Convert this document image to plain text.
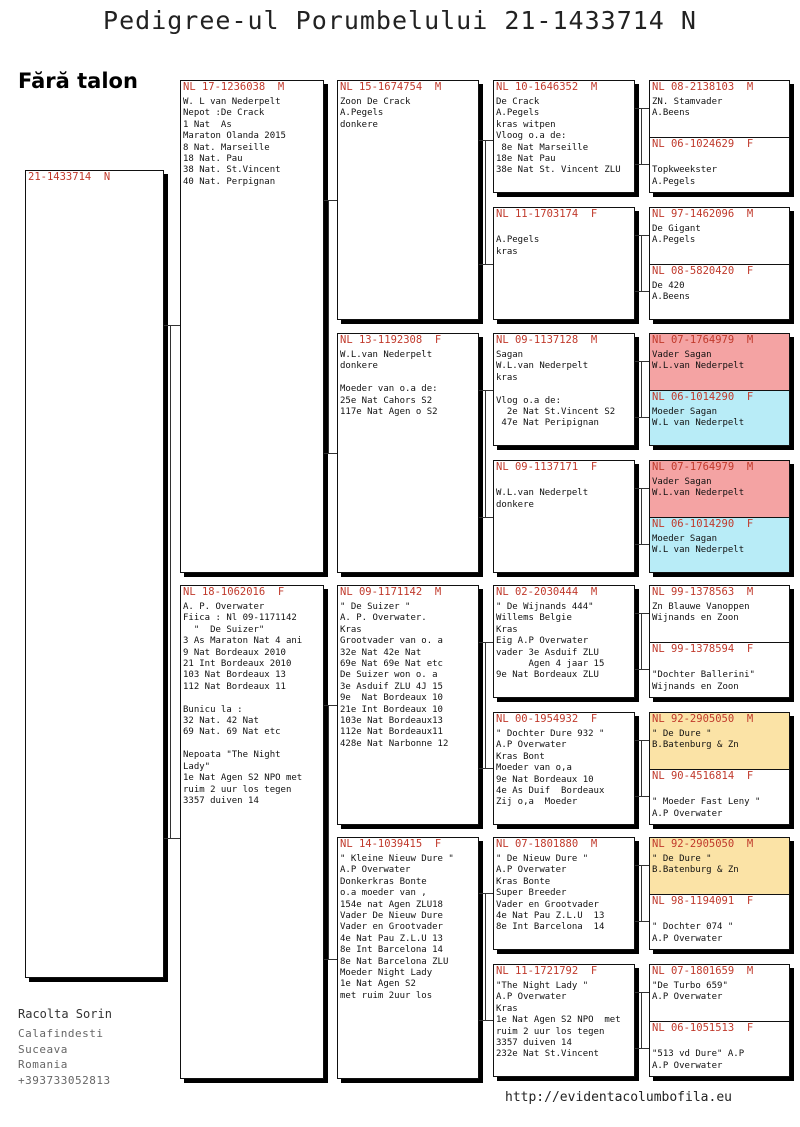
Pedigree-ul Porumbelului 21-1433714 N
Fără talon
21-1433714  N
NL 17-1236038  M
W. L van Nederpelt
Nepot :De Crack
1 Nat  As
Maraton Olanda 2015
8 Nat. Marseille
18 Nat. Pau
38 Nat. St.Vincent
40 Nat. Perpignan
NL 18-1062016  F
A. P. Overwater
Fiica : Nl 09-1171142
"  De Suizer"
3 As Maraton Nat 4 ani
9 Nat Bordeaux 2010
21 Int Bordeaux 2010
103 Nat Bordeaux 13
112 Nat Bordeaux 11

Bunicu la :
32 Nat. 42 Nat
69 Nat. 69 Nat etc

Nepoata "The Night
Lady"
1e Nat Agen S2 NPO met
ruim 2 uur los tegen
3357 duiven 14
NL 15-1674754  M
Zoon De Crack
A.Pegels
donkere
NL 13-1192308  F
W.L.van Nederpelt
donkere

Moeder van o.a de:
25e Nat Cahors S2
117e Nat Agen o S2
NL 09-1171142  M
" De Suizer "
A. P. Overwater.
Kras
Grootvader van o. a
32e Nat 42e Nat
69e Nat 69e Nat etc
De Suizer won o. a
3e Asduif ZLU 4J 15
9e  Nat Bordeaux 10
21e Int Bordeaux 10
103e Nat Bordeaux13
112e Nat Bordeaux11
428e Nat Narbonne 12
NL 14-1039415  F
" Kleine Nieuw Dure "
A.P Overwater
Donkerkras Bonte
o.a moeder van ,
154e nat Agen ZLU18
Vader De Nieuw Dure
Vader en Grootvader
4e Nat Pau Z.L.U 13
8e Int Barcelona 14
8e Nat Barcelona ZLU
Moeder Night Lady
1e Nat Agen S2
met ruim 2uur los
NL 10-1646352  M
De Crack
A.Pegels
kras witpen
Vloog o.a de:
8e Nat Marseille
18e Nat Pau
38e Nat St. Vincent ZLU
NL 11-1703174  F

A.Pegels
kras
NL 09-1137128  M
Sagan
W.L.van Nederpelt
kras

Vlog o.a de:
2e Nat St.Vincent S2
47e Nat Peripignan
NL 09-1137171  F

W.L.van Nederpelt
donkere
NL 02-2030444  M
" De Wijnands 444"
Willems Belgie
Kras
Eig A.P Overwater
vader 3e Asduif ZLU
Agen 4 jaar 15
9e Nat Bordeaux ZLU
NL 00-1954932  F
" Dochter Dure 932 "
A.P Overwater
Kras Bont
Moeder van o,a
9e Nat Bordeaux 10
4e As Duif  Bordeaux
Zij o,a  Moeder
NL 07-1801880  M
" De Nieuw Dure "
A.P Overwater
Kras Bonte
Super Breeder
Vader en Grootvader
4e Nat Pau Z.L.U  13
8e Int Barcelona  14
NL 11-1721792  F
"The Night Lady "
A.P Overwater
Kras
1e Nat Agen S2 NPO  met
ruim 2 uur los tegen
3357 duiven 14
232e Nat St.Vincent
NL 08-2138103  M
ZN. Stamvader
A.Beens
NL 06-1024629  F

Topkweekster
A.Pegels
NL 97-1462096  M
De Gigant
A.Pegels
NL 08-5820420  F
De 420
A.Beens
NL 07-1764979  M
Vader Sagan
W.L.van Nederpelt
NL 06-1014290  F
Moeder Sagan
W.L van Nederpelt
NL 07-1764979  M
Vader Sagan
W.L.van Nederpelt
NL 06-1014290  F
Moeder Sagan
W.L van Nederpelt
NL 99-1378563  M
Zn Blauwe Vanoppen
Wijnands en Zoon
NL 99-1378594  F

"Dochter Ballerini"
Wijnands en Zoon
NL 92-2905050  M
" De Dure "
B.Batenburg & Zn
NL 90-4516814  F

" Moeder Fast Leny "
A.P Overwater
NL 92-2905050  M
" De Dure "
B.Batenburg & Zn
NL 98-1194091  F

" Dochter 074 "
A.P Overwater
NL 07-1801659  M
"De Turbo 659"
A.P Overwater
NL 06-1051513  F

"513 vd Dure" A.P
A.P Overwater
Racolta Sorin
Calafindesti
Suceava
Romania
+393733052813
http://evidentacolumbofila.eu
